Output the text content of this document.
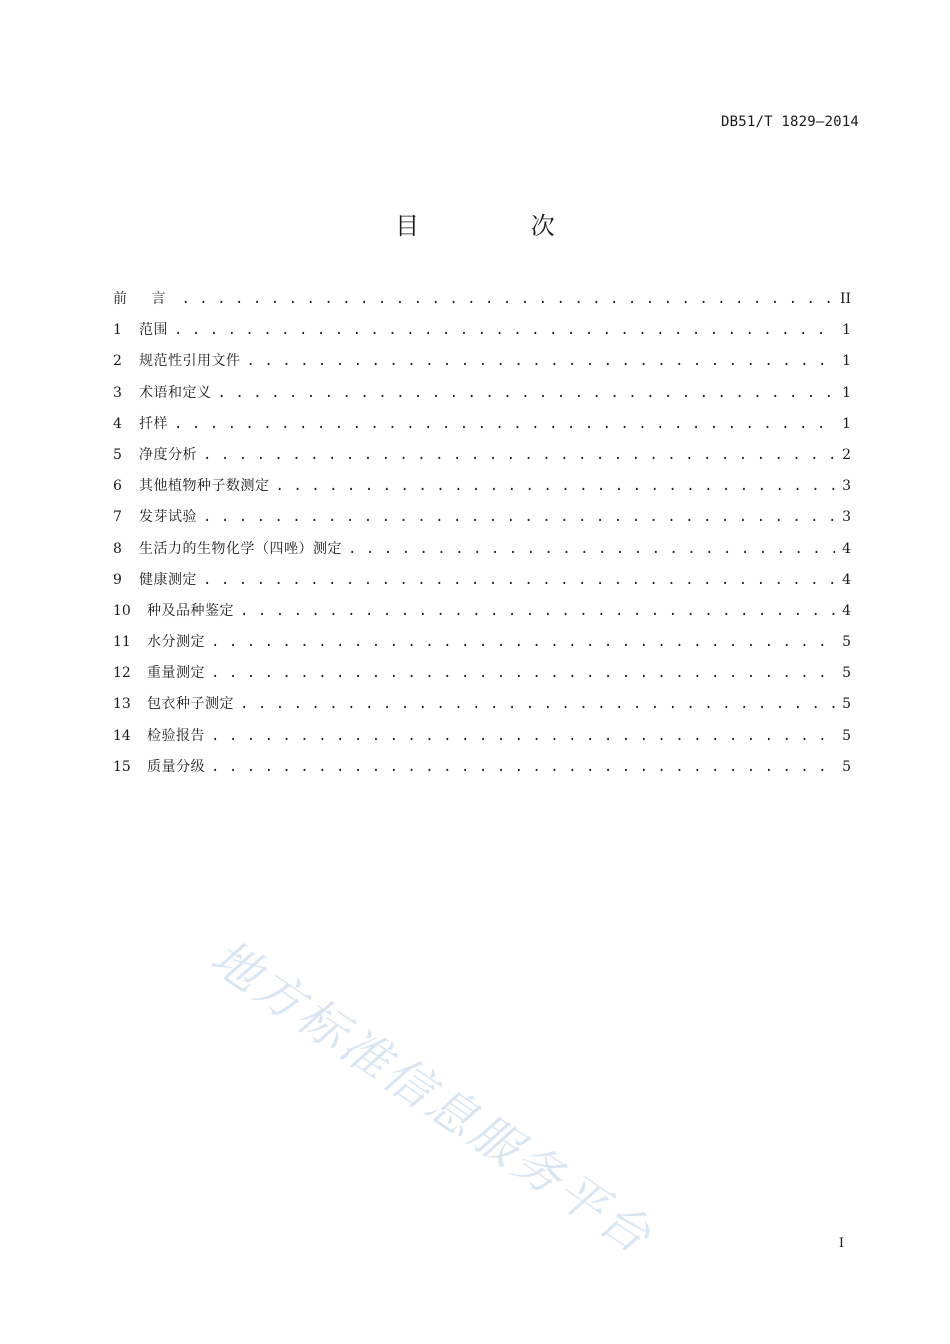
DB51/T 1829—2014
目 次
前 言 . . .	II
1	范围 . . .	1
2	规范性引用文件 . . .	1
3	术语和定义 . . .	1
4	扦样 . . .	1
5	净度分析 . . .	2
6	其他植物种子数测定 . . .	3
7	发芽试验 . . .	3
8	生活力的生物化学（四唑）测定 . . .	4
9	健康测定 . . .	4
10	种及品种鉴定 . . .	4
11	水分测定 . . .	5
12	重量测定 . . .	5
13	包衣种子测定 . . .	5
14	检验报告 . . .	5
15	质量分级 . . .	5
地方标准信息服务平台	I
